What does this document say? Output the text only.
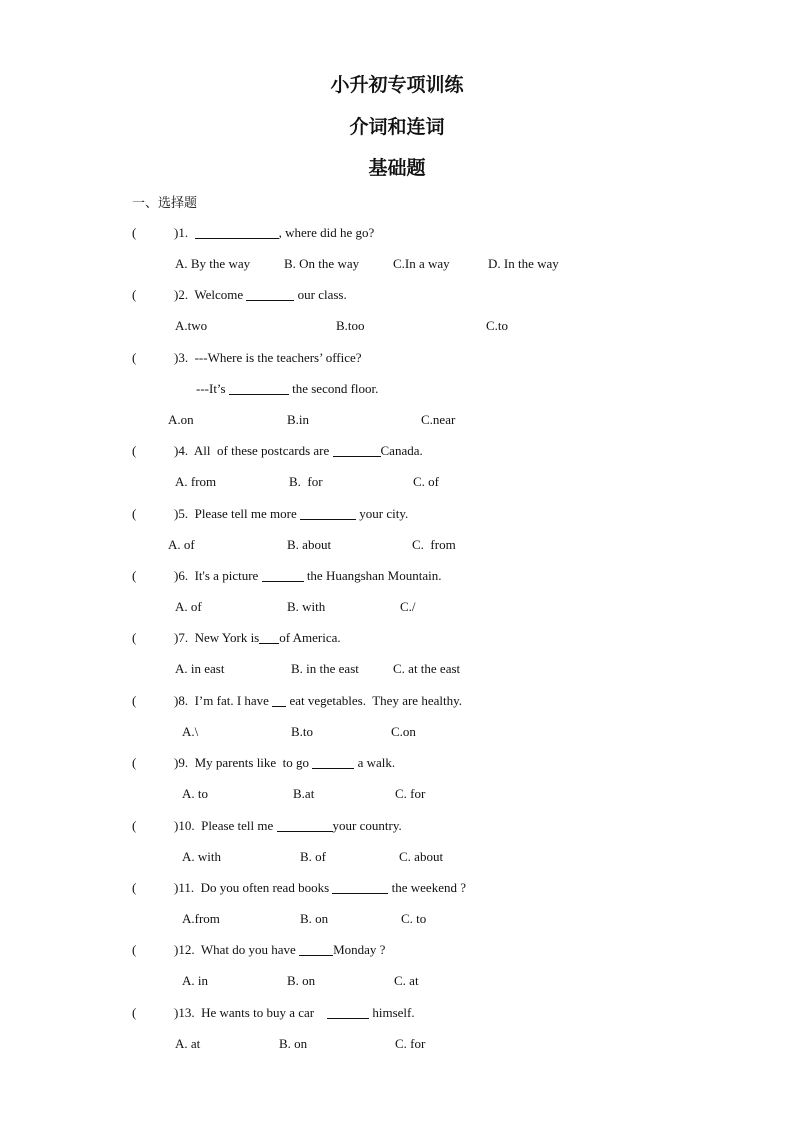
小升初专项训练
介词和连词
基础题
一、选择题
(	)1.	, where did he go?
A. By the way	B. On the way	C.In a way	D. In the way
(	)2. Welcome	our class.
A.two	B.too	C.to
(	)3. ---Where is the teachers’ office?
---It’s	the second floor.
A.on	B.in	C.near
(	)4. All  of these postcards are	Canada.
A. from	B.  for	C. of
(	)5. Please tell me more	your city.
A. of	B. about	C.  from
(	)6. It's a picture	the Huangshan Mountain.
A. of	B. with	C./
(	)7. New York is of America.
A. in east	B. in the east	C. at the east
(	)8. I’m fat. I have  eat vegetables.  They are healthy.
A.\	B.to	C.on
(	)9. My parents like  to go	a walk.
A. to	B.at	C. for
(	)10. Please tell me	your country.
A. with	B. of	C. about
(	)11. Do you often read books	the weekend ?
A.from	B. on	C. to
(	)12. What do you have	Monday ?
A. in	B. on	C. at
(	)13. He wants to buy a car	himself.
A. at	B. on	C. for
